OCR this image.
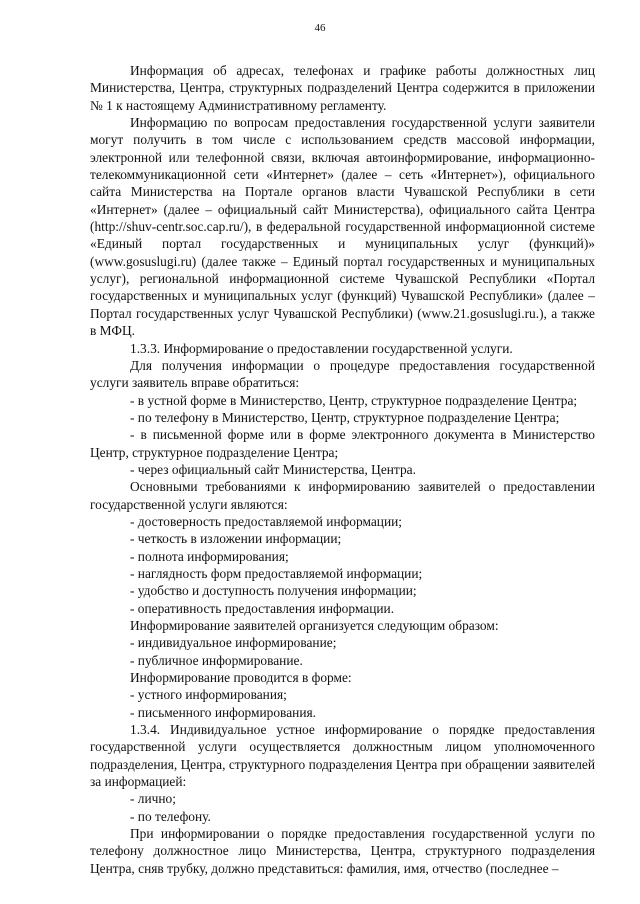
46

Информация об адресах, телефонах и графике работы должностных лиц Министерства, Центра, структурных подразделений Центра содержится в приложении № 1 к настоящему Административному регламенту.

Информацию по вопросам предоставления государственной услуги заявители могут получить в том числе с использованием средств массовой информации, электронной или телефонной связи, включая автоинформирование, информационно-телекоммуникационной сети «Интернет» (далее – сеть «Интернет»), официального сайта Министерства на Портале органов власти Чувашской Республики в сети «Интернет» (далее – официальный сайт Министерства), официального сайта Центра (http://shuv-centr.soc.cap.ru/), в федеральной государственной информационной системе «Единый портал государственных и муниципальных услуг (функций)» (www.gosuslugi.ru) (далее также – Единый портал государственных и муниципальных услуг), региональной информационной системе Чувашской Республики «Портал государственных и муниципальных услуг (функций) Чувашской Республики» (далее – Портал государственных услуг Чувашской Республики) (www.21.gosuslugi.ru.), а также в МФЦ.

1.3.3. Информирование о предоставлении государственной услуги.

Для получения информации о процедуре предоставления государственной услуги заявитель вправе обратиться:

- в устной форме в Министерство, Центр, структурное подразделение Центра;

- по телефону в Министерство, Центр, структурное подразделение Центра;

- в письменной форме или в форме электронного документа в Министерство Центр, структурное подразделение Центра;

- через официальный сайт Министерства, Центра.

Основными требованиями к информированию заявителей о предоставлении государственной услуги являются:

- достоверность предоставляемой информации;

- четкость в изложении информации;

- полнота информирования;

- наглядность форм предоставляемой информации;

- удобство и доступность получения информации;

- оперативность предоставления информации.

Информирование заявителей организуется следующим образом:

- индивидуальное информирование;

- публичное информирование.

Информирование проводится в форме:

- устного информирования;

- письменного информирования.

1.3.4. Индивидуальное устное информирование о порядке предоставления государственной услуги осуществляется должностным лицом уполномоченного подразделения, Центра, структурного подразделения Центра при обращении заявителей за информацией:

- лично;

- по телефону.

При информировании о порядке предоставления государственной услуги по телефону должностное лицо Министерства, Центра, структурного подразделения Центра, сняв трубку, должно представиться: фамилия, имя, отчество (последнее –
